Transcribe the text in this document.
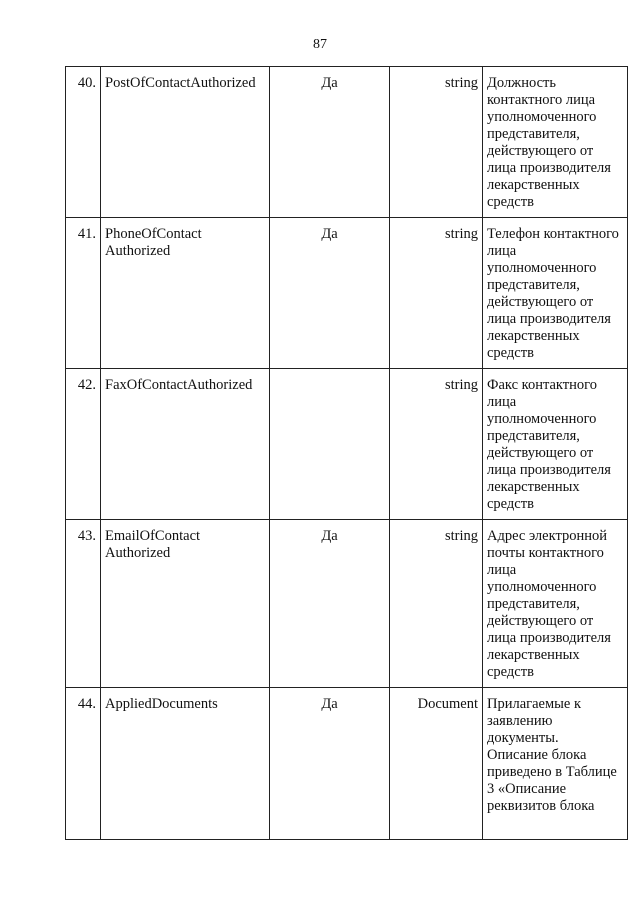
87
40.	PostOfContactAuthorized	Да	string	Должность контактного лица уполномоченного представителя, действующего от лица производителя лекарственных средств
41.	PhoneOfContact Authorized	Да	string	Телефон контактного лица уполномоченного представителя, действующего от лица производителя лекарственных средств
42.	FaxOfContactAuthorized		string	Факс контактного лица уполномоченного представителя, действующего от лица производителя лекарственных средств
43.	EmailOfContact Authorized	Да	string	Адрес электронной почты контактного лица уполномоченного представителя, действующего от лица производителя лекарственных средств
44.	AppliedDocuments	Да	Document	Прилагаемые к заявлению документы. Описание блока приведено в Таблице 3 «Описание реквизитов блока
